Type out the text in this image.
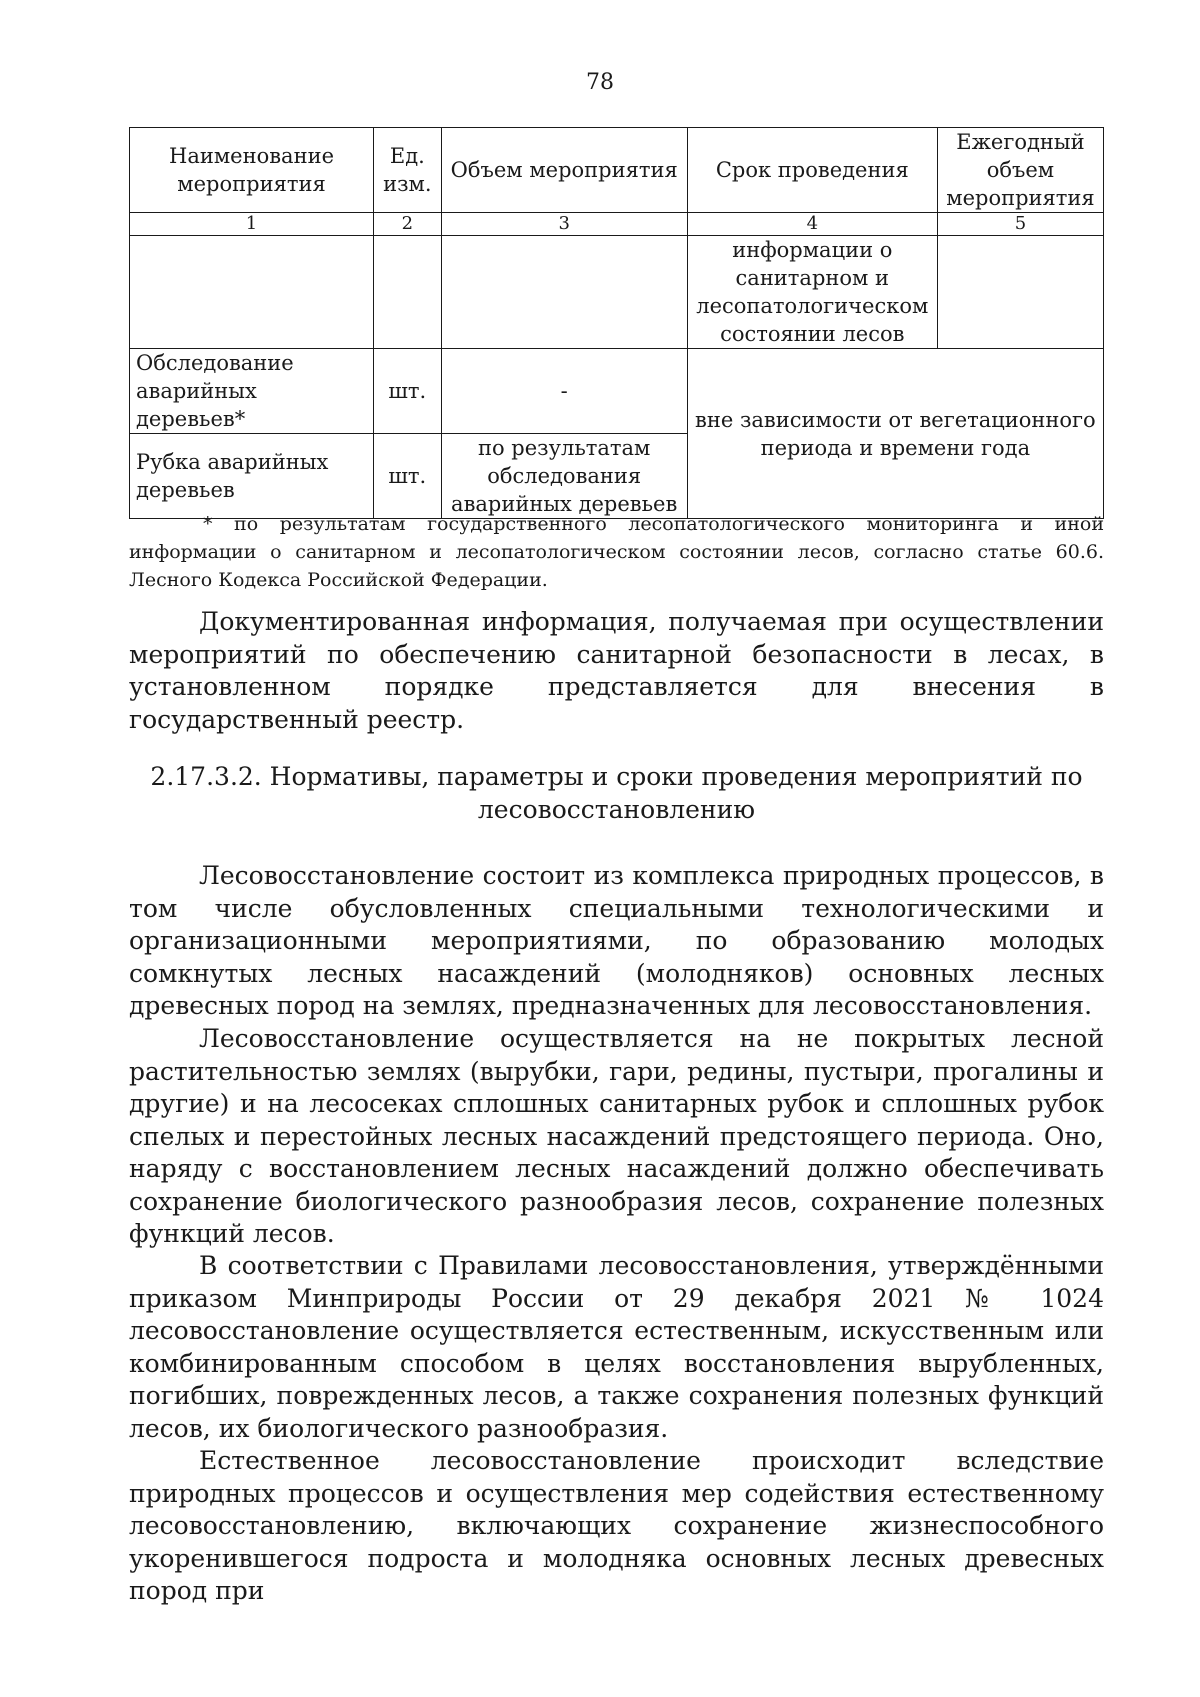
78
Наименование мероприятия	Ед. изм.	Объем мероприятия	Срок проведения	Ежегодный объем мероприятия
1	2	3	4	5
			информации о санитарном и лесопатологическом состоянии лесов	
Обследование аварийных деревьев*	шт.	-	вне зависимости от вегетационного периода и времени года	
Рубка аварийных деревьев	шт.	по результатам обследования аварийных деревьев		

* по результатам государственного лесопатологического мониторинга и иной информации о санитарном и лесопатологическом состоянии лесов, согласно статье 60.6. Лесного Кодекса Российской Федерации.

Документированная информация, получаемая при осуществлении мероприятий по обеспечению санитарной безопасности в лесах, в установленном порядке представляется для внесения в государственный реестр.

2.17.3.2. Нормативы, параметры и сроки проведения мероприятий по
лесовосстановлению

Лесовосстановление состоит из комплекса природных процессов, в том числе обусловленных специальными технологическими и организационными мероприятиями, по образованию молодых сомкнутых лесных насаждений (молодняков) основных лесных древесных пород на землях, предназначенных для лесовосстановления.

Лесовосстановление осуществляется на не покрытых лесной растительностью землях (вырубки, гари, редины, пустыри, прогалины и другие) и на лесосеках сплошных санитарных рубок и сплошных рубок спелых и перестойных лесных насаждений предстоящего периода. Оно, наряду с восстановлением лесных насаждений должно обеспечивать сохранение биологического разнообразия лесов, сохранение полезных функций лесов.

В соответствии с Правилами лесовосстановления, утверждёнными приказом Минприроды России от 29 декабря 2021 № 1024 лесовосстановление осуществляется естественным, искусственным или комбинированным способом в целях восстановления вырубленных, погибших, поврежденных лесов, а также сохранения полезных функций лесов, их биологического разнообразия.

Естественное лесовосстановление происходит вследствие природных процессов и осуществления мер содействия естественному лесовосстановлению, включающих сохранение жизнеспособного укоренившегося подроста и молодняка основных лесных древесных пород при
